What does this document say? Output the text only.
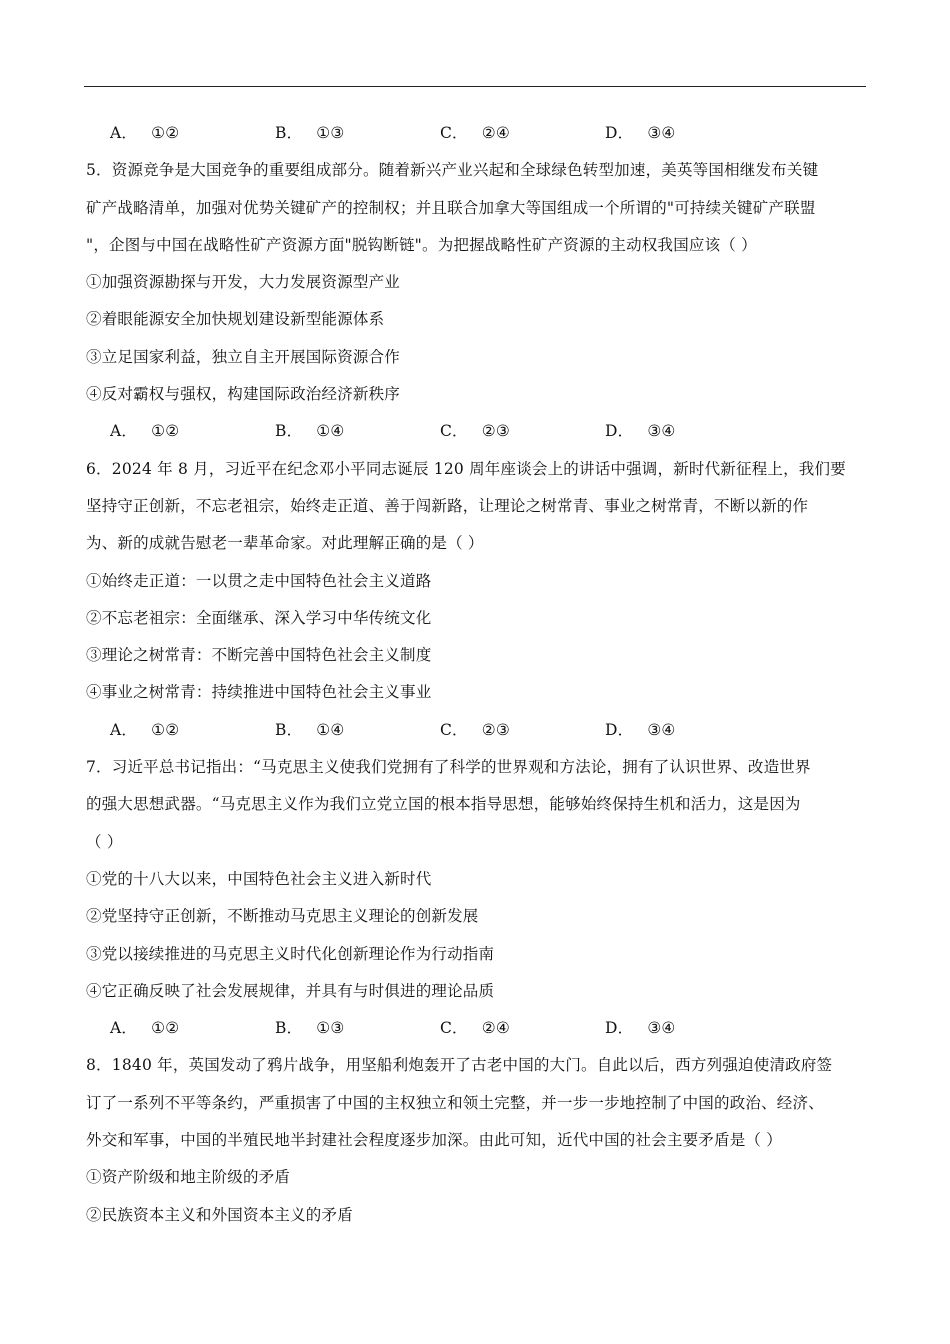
A． ①②	B． ①③	C． ②④	D． ③④
5．资源竞争是大国竞争的重要组成部分。随着新兴产业兴起和全球绿色转型加速，美英等国相继发布关键
矿产战略清单，加强对优势关键矿产的控制权；并且联合加拿大等国组成一个所谓的"可持续关键矿产联盟
"，企图与中国在战略性矿产资源方面"脱钩断链"。为把握战略性矿产资源的主动权我国应该（ ）
①加强资源勘探与开发，大力发展资源型产业
②着眼能源安全加快规划建设新型能源体系
③立足国家利益，独立自主开展国际资源合作
④反对霸权与强权，构建国际政治经济新秩序
A． ①②	B． ①④	C． ②③	D． ③④
6．2024 年 8 月，习近平在纪念邓小平同志诞辰 120 周年座谈会上的讲话中强调，新时代新征程上，我们要
坚持守正创新，不忘老祖宗，始终走正道、善于闯新路，让理论之树常青、事业之树常青，不断以新的作
为、新的成就告慰老一辈革命家。对此理解正确的是（ ）
①始终走正道：一以贯之走中国特色社会主义道路
②不忘老祖宗：全面继承、深入学习中华传统文化
③理论之树常青：不断完善中国特色社会主义制度
④事业之树常青：持续推进中国特色社会主义事业
A． ①②	B． ①④	C． ②③	D． ③④
7．习近平总书记指出：“马克思主义使我们党拥有了科学的世界观和方法论，拥有了认识世界、改造世界
的强大思想武器。“马克思主义作为我们立党立国的根本指导思想，能够始终保持生机和活力，这是因为
（ ）
①党的十八大以来，中国特色社会主义进入新时代
②党坚持守正创新，不断推动马克思主义理论的创新发展
③党以接续推进的马克思主义时代化创新理论作为行动指南
④它正确反映了社会发展规律，并具有与时俱进的理论品质
A． ①②	B． ①③	C． ②④	D． ③④
8．1840 年，英国发动了鸦片战争，用坚船利炮轰开了古老中国的大门。自此以后，西方列强迫使清政府签
订了一系列不平等条约，严重损害了中国的主权独立和领土完整，并一步一步地控制了中国的政治、经济、
外交和军事，中国的半殖民地半封建社会程度逐步加深。由此可知，近代中国的社会主要矛盾是（ ）
①资产阶级和地主阶级的矛盾
②民族资本主义和外国资本主义的矛盾
